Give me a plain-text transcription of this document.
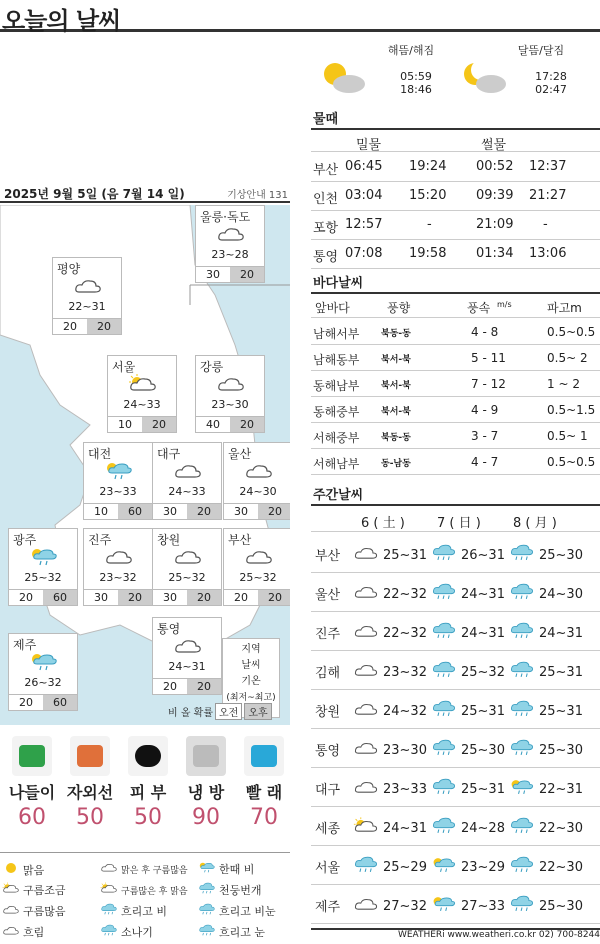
오늘의 날씨
2025년 9월 5일 (음 7월 14 일)	기상안내 131
울릉·독도
23~28
30	20
평양
22~31
20	20
서울
24~33
10	20
강릉
23~30
40	20
대전
23~33
10	60
대구
24~33
30	20
울산
24~30
30	20
광주
25~32
20	60
진주
23~32
30	20
창원
25~32
30	20
부산
25~32
20	20
통영
24~31
20	20
제주
26~32
20	60
지역
날씨
기온
(최저~최고)
비 올 확률 오전	오후
나들이
60
자외선
50
피 부
50
냉 방
90
빨 래
70
맑음
구름조금
구름많음
흐림
맑은 후 구름많음
구름많은 후 맑음
흐리고 비
소나기
한때 비
천둥번개
흐리고 비눈
흐리고 눈
해뜸/해짐
05:59
18:46
달뜸/달짐
17:28
02:47
물때
밀물	썰물
부산 06:45 19:24 00:52 12:37
인천 03:04 15:20 09:39 21:27
포항 12:57	-	21:09 -
통영 07:08 19:58 01:34 13:06
바다날씨
앞바다	풍향	풍속 m/s	파고m
남해서부 북동-동	4 - 8	0.5~0.5
남해동부 북서-북	5 - 11	0.5~ 2
동해남부 북서-북	7 - 12	1 ~ 2
동해중부 북서-북	4 - 9	0.5~1.5
서해중부 북동-동	3 - 7	0.5~ 1
서해남부 동-남동	4 - 7	0.5~0.5
주간날씨
6 ( 土 ) 7 ( 日 ) 8 ( 月 )
부산	25~31	26~31	25~30
울산	22~32	24~31	24~30
진주	22~32	24~31	24~31
김해	23~32	25~32	25~31
창원	24~32	25~31	25~31
통영	23~30	25~30	25~30
대구	23~33	25~31	22~31
세종	24~31	24~28	22~30
서울	25~29	23~29	22~30
제주	27~32	27~33	25~30
WEATHERi www.weatheri.co.kr 02) 700-8244
